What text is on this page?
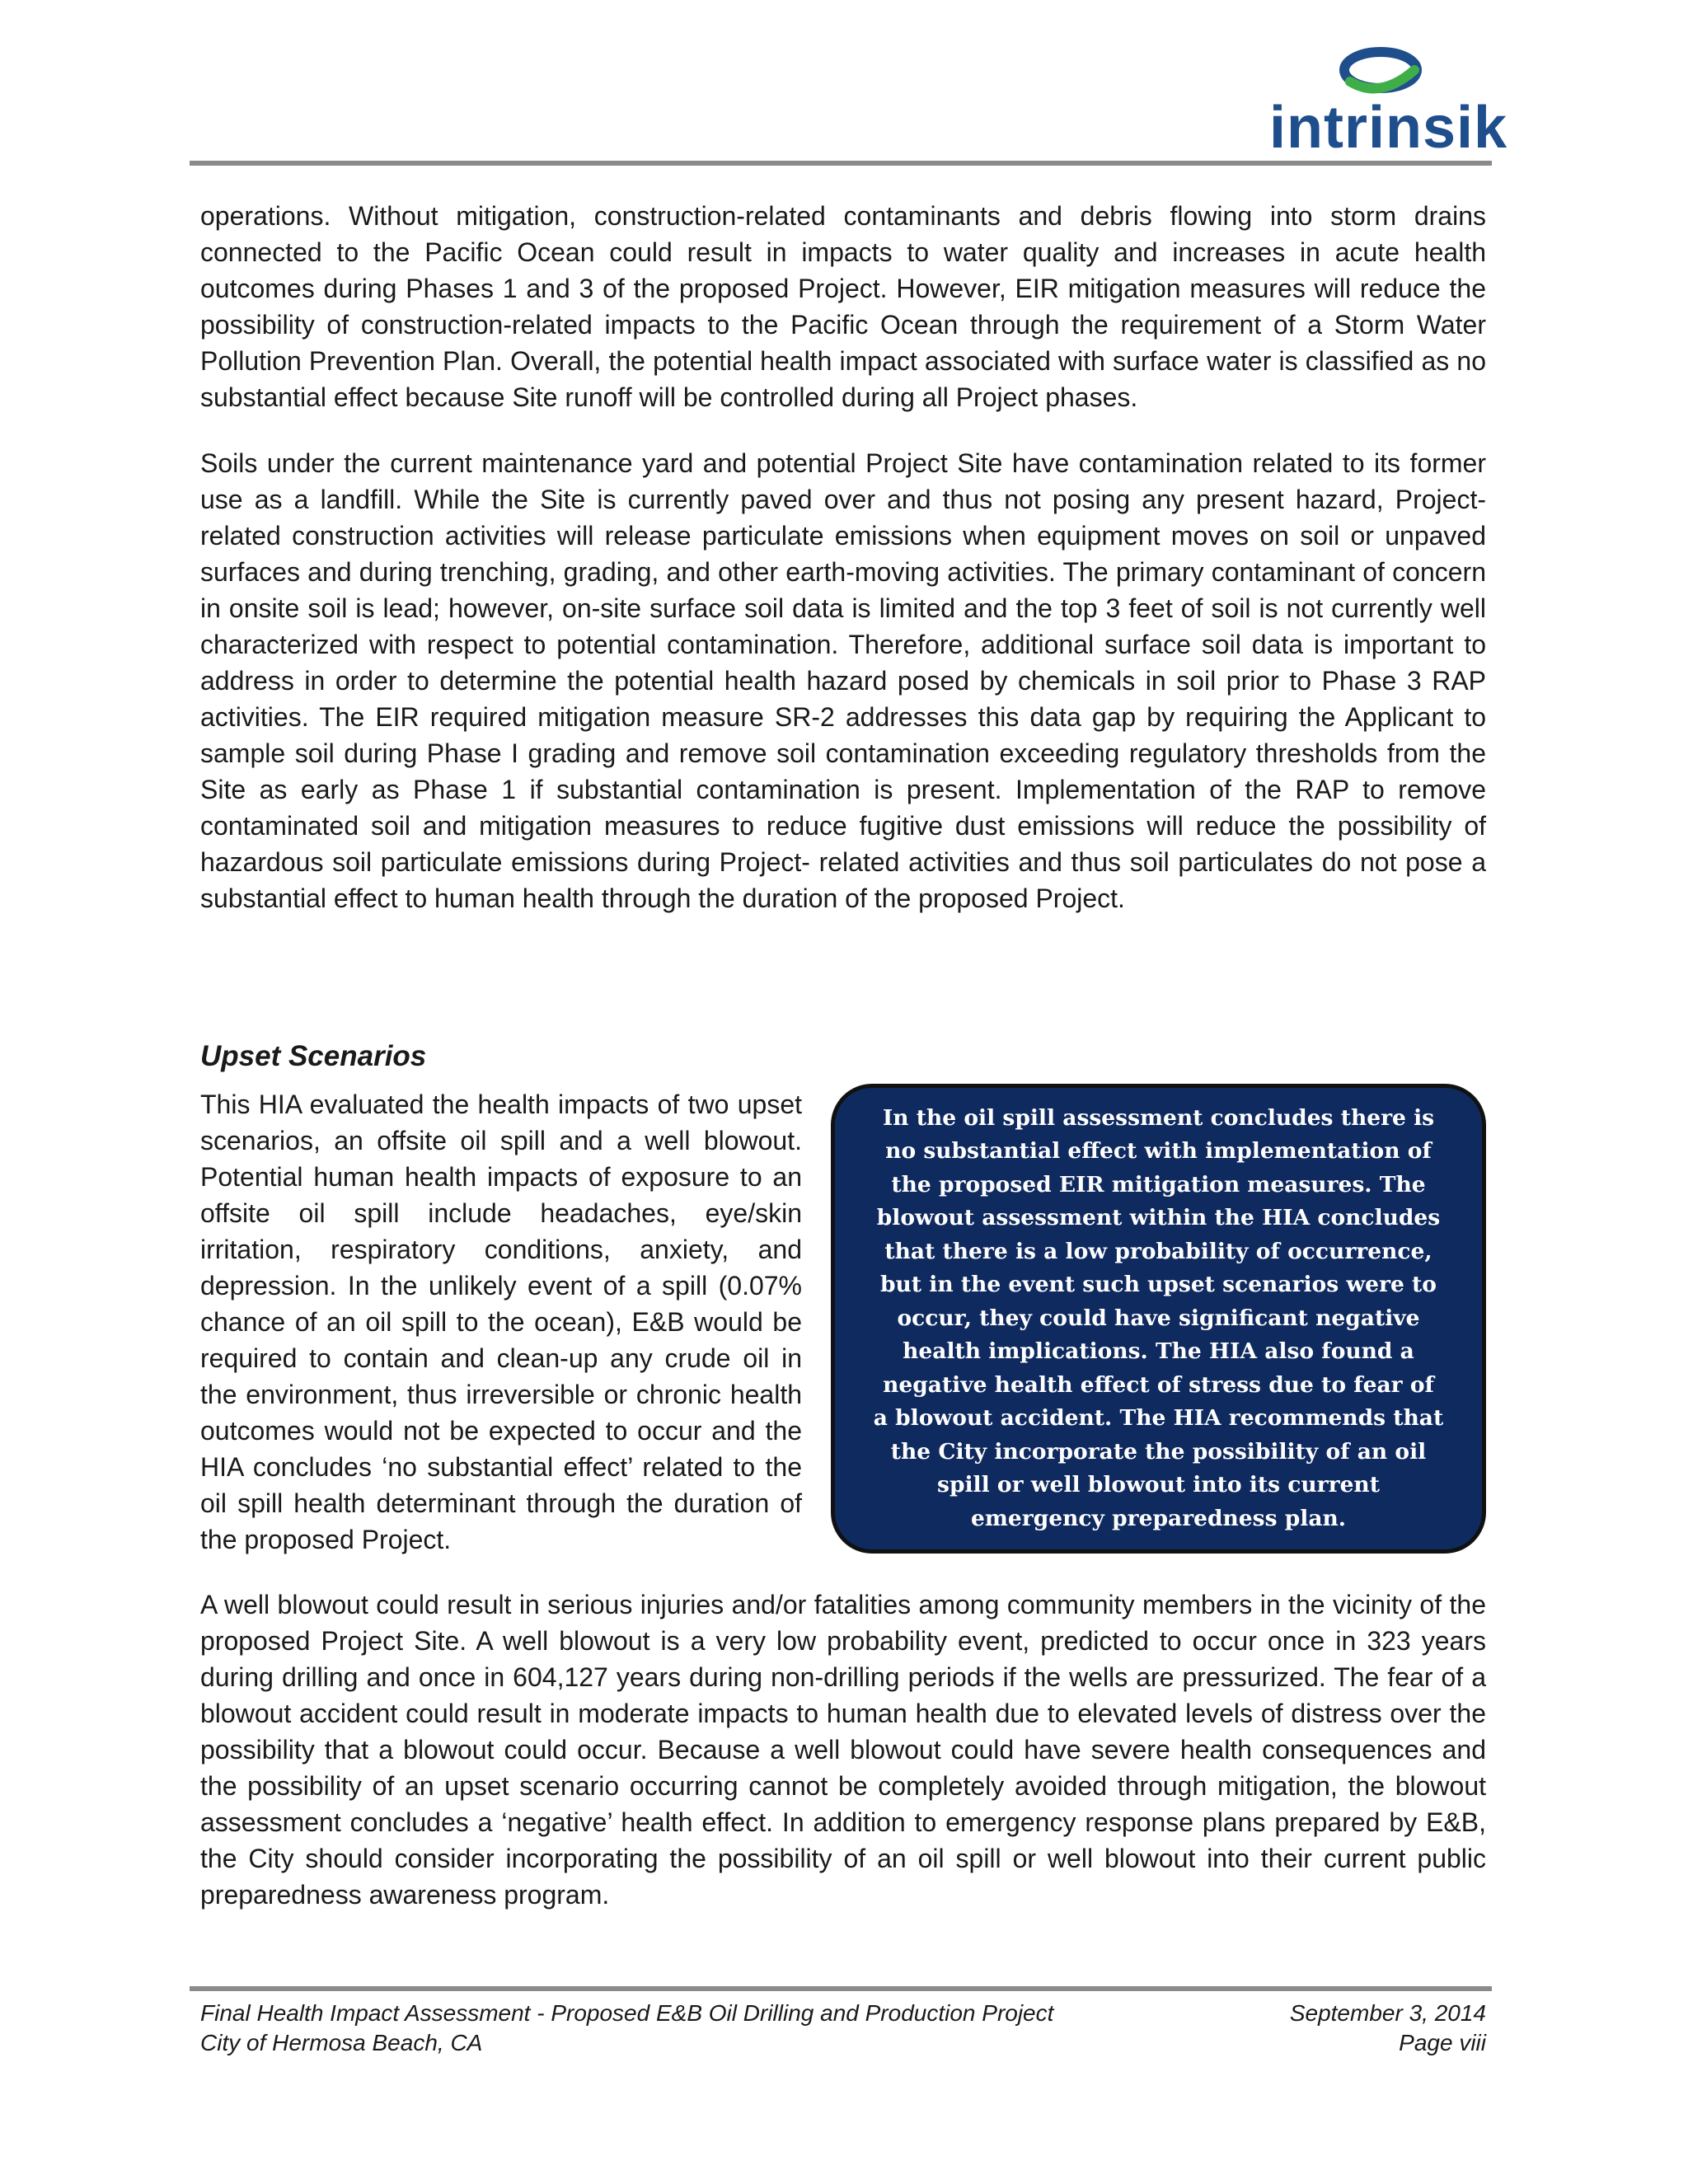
intrinsik

operations. Without mitigation, construction-related contaminants and debris flowing into storm drains connected to the Pacific Ocean could result in impacts to water quality and increases in acute health outcomes during Phases 1 and 3 of the proposed Project. However, EIR mitigation measures will reduce the possibility of construction-related impacts to the Pacific Ocean through the requirement of a Storm Water Pollution Prevention Plan. Overall, the potential health impact associated with surface water is classified as no substantial effect because Site runoff will be controlled during all Project phases.

Soils under the current maintenance yard and potential Project Site have contamination related to its former use as a landfill. While the Site is currently paved over and thus not posing any present hazard, Project-related construction activities will release particulate emissions when equipment moves on soil or unpaved surfaces and during trenching, grading, and other earth-moving activities. The primary contaminant of concern in onsite soil is lead; however, on-site surface soil data is limited and the top 3 feet of soil is not currently well characterized with respect to potential contamination. Therefore, additional surface soil data is important to address in order to determine the potential health hazard posed by chemicals in soil prior to Phase 3 RAP activities. The EIR required mitigation measure SR-2 addresses this data gap by requiring the Applicant to sample soil during Phase I grading and remove soil contamination exceeding regulatory thresholds from the Site as early as Phase 1 if substantial contamination is present. Implementation of the RAP to remove contaminated soil and mitigation measures to reduce fugitive dust emissions will reduce the possibility of hazardous soil particulate emissions during Project- related activities and thus soil particulates do not pose a substantial effect to human health through the duration of the proposed Project.

Upset Scenarios

This HIA evaluated the health impacts of two upset scenarios, an offsite oil spill and a well blowout. Potential human health impacts of exposure to an offsite oil spill include headaches, eye/skin irritation, respiratory conditions, anxiety, and depression. In the unlikely event of a spill (0.07% chance of an oil spill to the ocean), E&B would be required to contain and clean-up any crude oil in the environment, thus irreversible or chronic health outcomes would not be expected to occur and the HIA concludes ‘no substantial effect’ related to the oil spill health determinant through the duration of the proposed Project.

In the oil spill assessment concludes there is no substantial effect with implementation of the proposed EIR mitigation measures. The blowout assessment within the HIA concludes that there is a low probability of occurrence, but in the event such upset scenarios were to occur, they could have significant negative health implications. The HIA also found a negative health effect of stress due to fear of a blowout accident. The HIA recommends that the City incorporate the possibility of an oil spill or well blowout into its current emergency preparedness plan.

A well blowout could result in serious injuries and/or fatalities among community members in the vicinity of the proposed Project Site. A well blowout is a very low probability event, predicted to occur once in 323 years during drilling and once in 604,127 years during non-drilling periods if the wells are pressurized. The fear of a blowout accident could result in moderate impacts to human health due to elevated levels of distress over the possibility that a blowout could occur. Because a well blowout could have severe health consequences and the possibility of an upset scenario occurring cannot be completely avoided through mitigation, the blowout assessment concludes a ‘negative’ health effect. In addition to emergency response plans prepared by E&B, the City should consider incorporating the possibility of an oil spill or well blowout into their current public preparedness awareness program.

Final Health Impact Assessment - Proposed E&B Oil Drilling and Production Project
City of Hermosa Beach, CA
September 3, 2014
Page viii
